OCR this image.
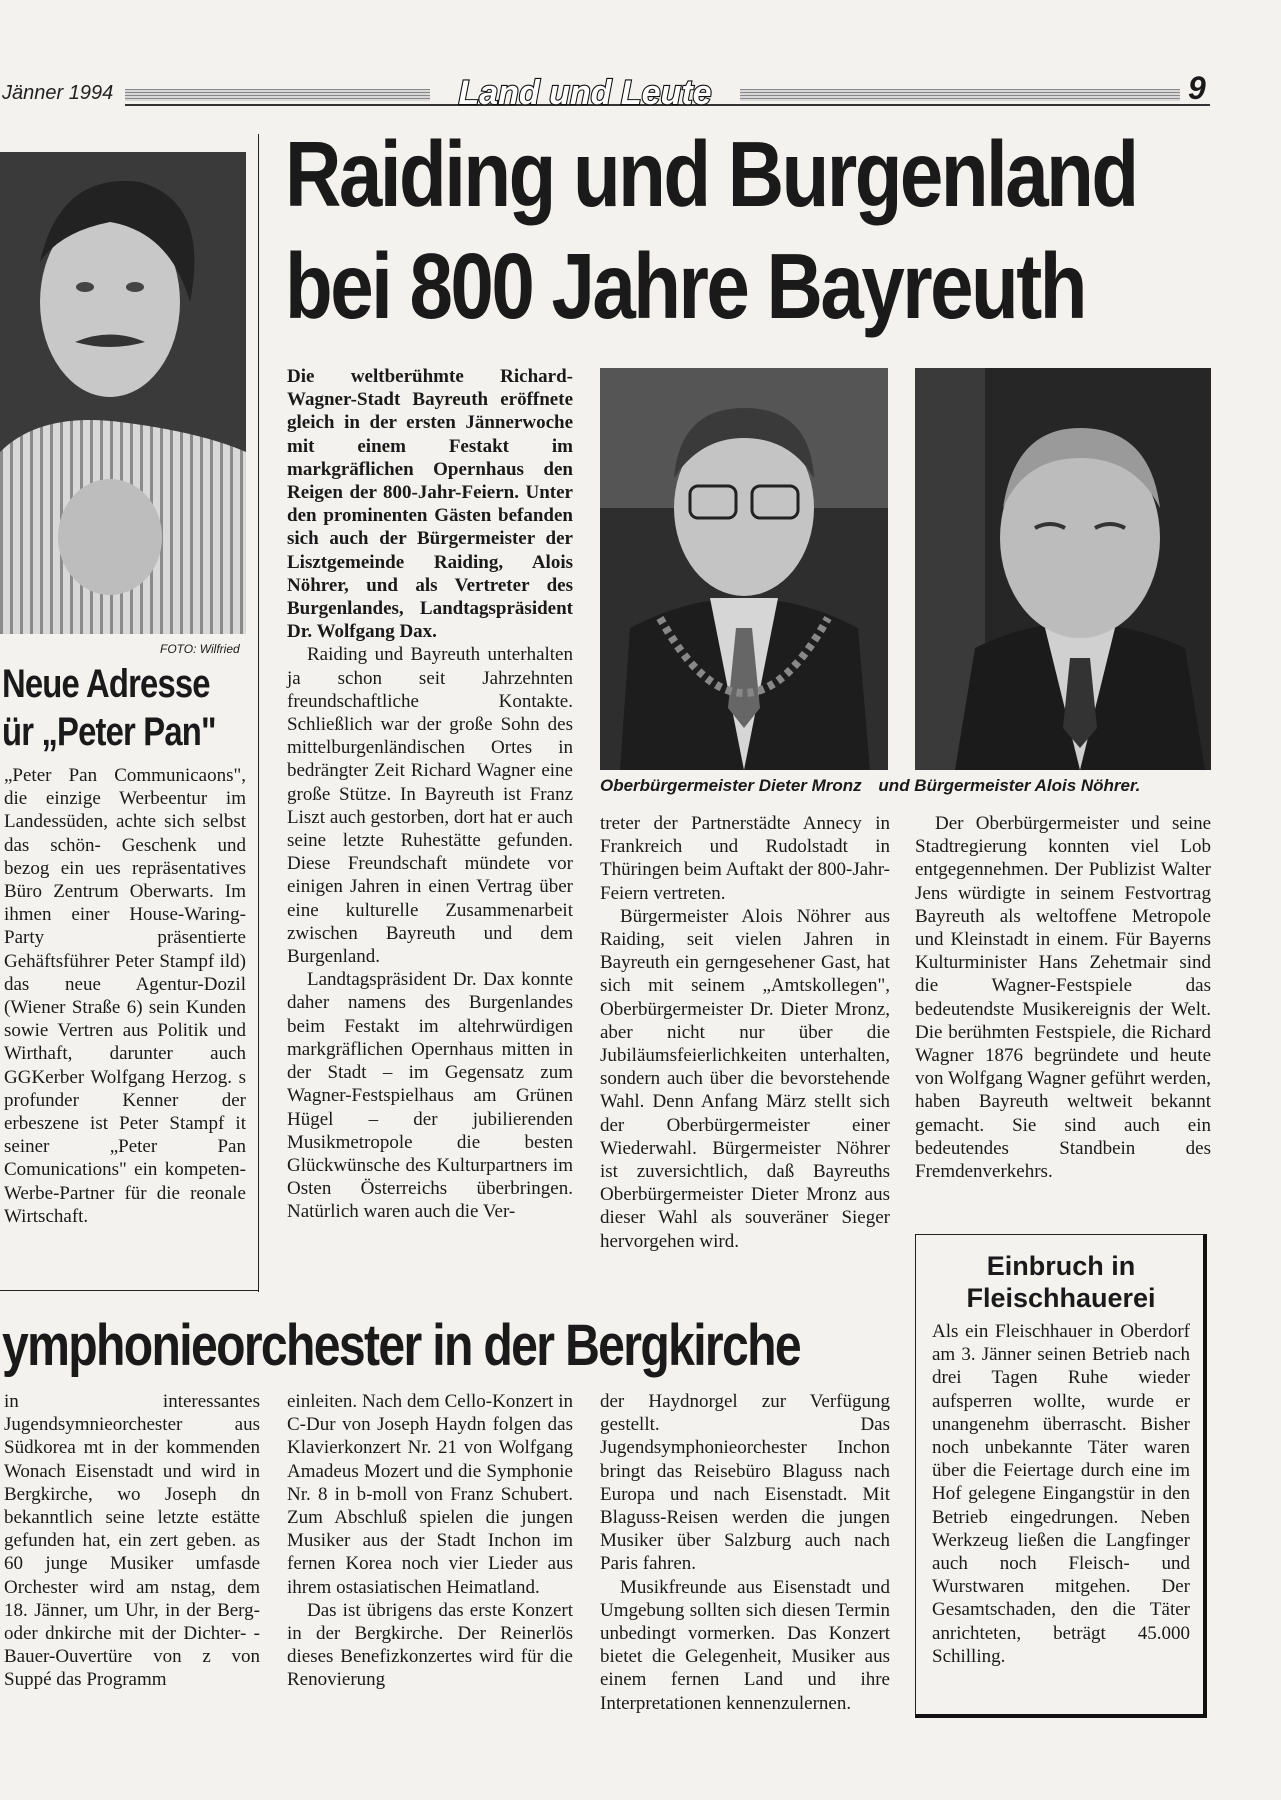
Jänner 1994	Land und Leute	9
FOTO: Wilfried
Neue Adresse
ür „Peter Pan"

„Peter Pan Communicaons", die einzige Werbeentur im Landessüden, achte sich selbst das schön- Geschenk und bezog ein ues repräsentatives Büro Zentrum Oberwarts. Im ihmen einer House-Waring-Party präsentierte Gehäftsführer Peter Stampf ild) das neue Agentur-Dozil (Wiener Straße 6) sein Kunden sowie Vertren aus Politik und Wirthaft, darunter auch GGKerber Wolfgang Herzog. s profunder Kenner der erbeszene ist Peter Stampf it seiner „Peter Pan Comunications" ein kompeten- Werbe-Partner für die reonale Wirtschaft.

Raiding und Burgenland
bei 800 Jahre Bayreuth

Die weltberühmte Richard-Wagner-Stadt Bayreuth eröffnete gleich in der ersten Jännerwoche mit einem Festakt im markgräflichen Opernhaus den Reigen der 800-Jahr-Feiern. Unter den prominenten Gästen befanden sich auch der Bürgermeister der Lisztgemeinde Raiding, Alois Nöhrer, und als Vertreter des Burgenlandes, Landtagspräsident Dr. Wolfgang Dax.

Raiding und Bayreuth unterhalten ja schon seit Jahrzehnten freundschaftliche Kontakte. Schließlich war der große Sohn des mittelburgenländischen Ortes in bedrängter Zeit Richard Wagner eine große Stütze. In Bayreuth ist Franz Liszt auch gestorben, dort hat er auch seine letzte Ruhestätte gefunden. Diese Freundschaft mündete vor einigen Jahren in einen Vertrag über eine kulturelle Zusammenarbeit zwischen Bayreuth und dem Burgenland.

Landtagspräsident Dr. Dax konnte daher namens des Burgenlandes beim Festakt im altehrwürdigen markgräflichen Opernhaus mitten in der Stadt – im Gegensatz zum Wagner-Festspielhaus am Grünen Hügel – der jubilierenden Musikmetropole die besten Glückwünsche des Kulturpartners im Osten Österreichs überbringen. Natürlich waren auch die Ver-

Oberbürgermeister Dieter Mronz und Bürgermeister Alois Nöhrer.

treter der Partnerstädte Annecy in Frankreich und Rudolstadt in Thüringen beim Auftakt der 800-Jahr-Feiern vertreten.

Bürgermeister Alois Nöhrer aus Raiding, seit vielen Jahren in Bayreuth ein gerngesehener Gast, hat sich mit seinem „Amtskollegen", Oberbürgermeister Dr. Dieter Mronz, aber nicht nur über die Jubiläumsfeierlichkeiten unterhalten, sondern auch über die bevorstehende Wahl. Denn Anfang März stellt sich der Oberbürgermeister einer Wiederwahl. Bürgermeister Nöhrer ist zuversichtlich, daß Bayreuths Oberbürgermeister Dieter Mronz aus dieser Wahl als souveräner Sieger hervorgehen wird.

Der Oberbürgermeister und seine Stadtregierung konnten viel Lob entgegennehmen. Der Publizist Walter Jens würdigte in seinem Festvortrag Bayreuth als weltoffene Metropole und Kleinstadt in einem. Für Bayerns Kulturminister Hans Zehetmair sind die Wagner-Festspiele das bedeutendste Musikereignis der Welt. Die berühmten Festspiele, die Richard Wagner 1876 begründete und heute von Wolfgang Wagner geführt werden, haben Bayreuth weltweit bekannt gemacht. Sie sind auch ein bedeutendes Standbein des Fremdenverkehrs.

Einbruch in
Fleischhauerei

Als ein Fleischhauer in Oberdorf am 3. Jänner seinen Betrieb nach drei Tagen Ruhe wieder aufsperren wollte, wurde er unangenehm überrascht. Bisher noch unbekannte Täter waren über die Feiertage durch eine im Hof gelegene Eingangstür in den Betrieb eingedrungen. Neben Werkzeug ließen die Langfinger auch noch Fleisch- und Wurstwaren mitgehen. Der Gesamtschaden, den die Täter anrichteten, beträgt 45.000 Schilling.

ymphonieorchester in der Bergkirche

in interessantes Jugendsymnieorchester aus Südkorea mt in der kommenden Wonach Eisenstadt und wird in Bergkirche, wo Joseph dn bekanntlich seine letzte estätte gefunden hat, ein zert geben. as 60 junge Musiker umfasde Orchester wird am nstag, dem 18. Jänner, um Uhr, in der Berg- oder dnkirche mit der Dichter- -Bauer-Ouvertüre von z von Suppé das Programm

einleiten. Nach dem Cello-Konzert in C-Dur von Joseph Haydn folgen das Klavierkonzert Nr. 21 von Wolfgang Amadeus Mozert und die Symphonie Nr. 8 in b-moll von Franz Schubert. Zum Abschluß spielen die jungen Musiker aus der Stadt Inchon im fernen Korea noch vier Lieder aus ihrem ostasiatischen Heimatland.

Das ist übrigens das erste Konzert in der Bergkirche. Der Reinerlös dieses Benefizkonzertes wird für die Renovierung

der Haydnorgel zur Verfügung gestellt. Das Jugendsymphonieorchester Inchon bringt das Reisebüro Blaguss nach Europa und nach Eisenstadt. Mit Blaguss-Reisen werden die jungen Musiker über Salzburg auch nach Paris fahren.

Musikfreunde aus Eisenstadt und Umgebung sollten sich diesen Termin unbedingt vormerken. Das Konzert bietet die Gelegenheit, Musiker aus einem fernen Land und ihre Interpretationen kennenzulernen.
